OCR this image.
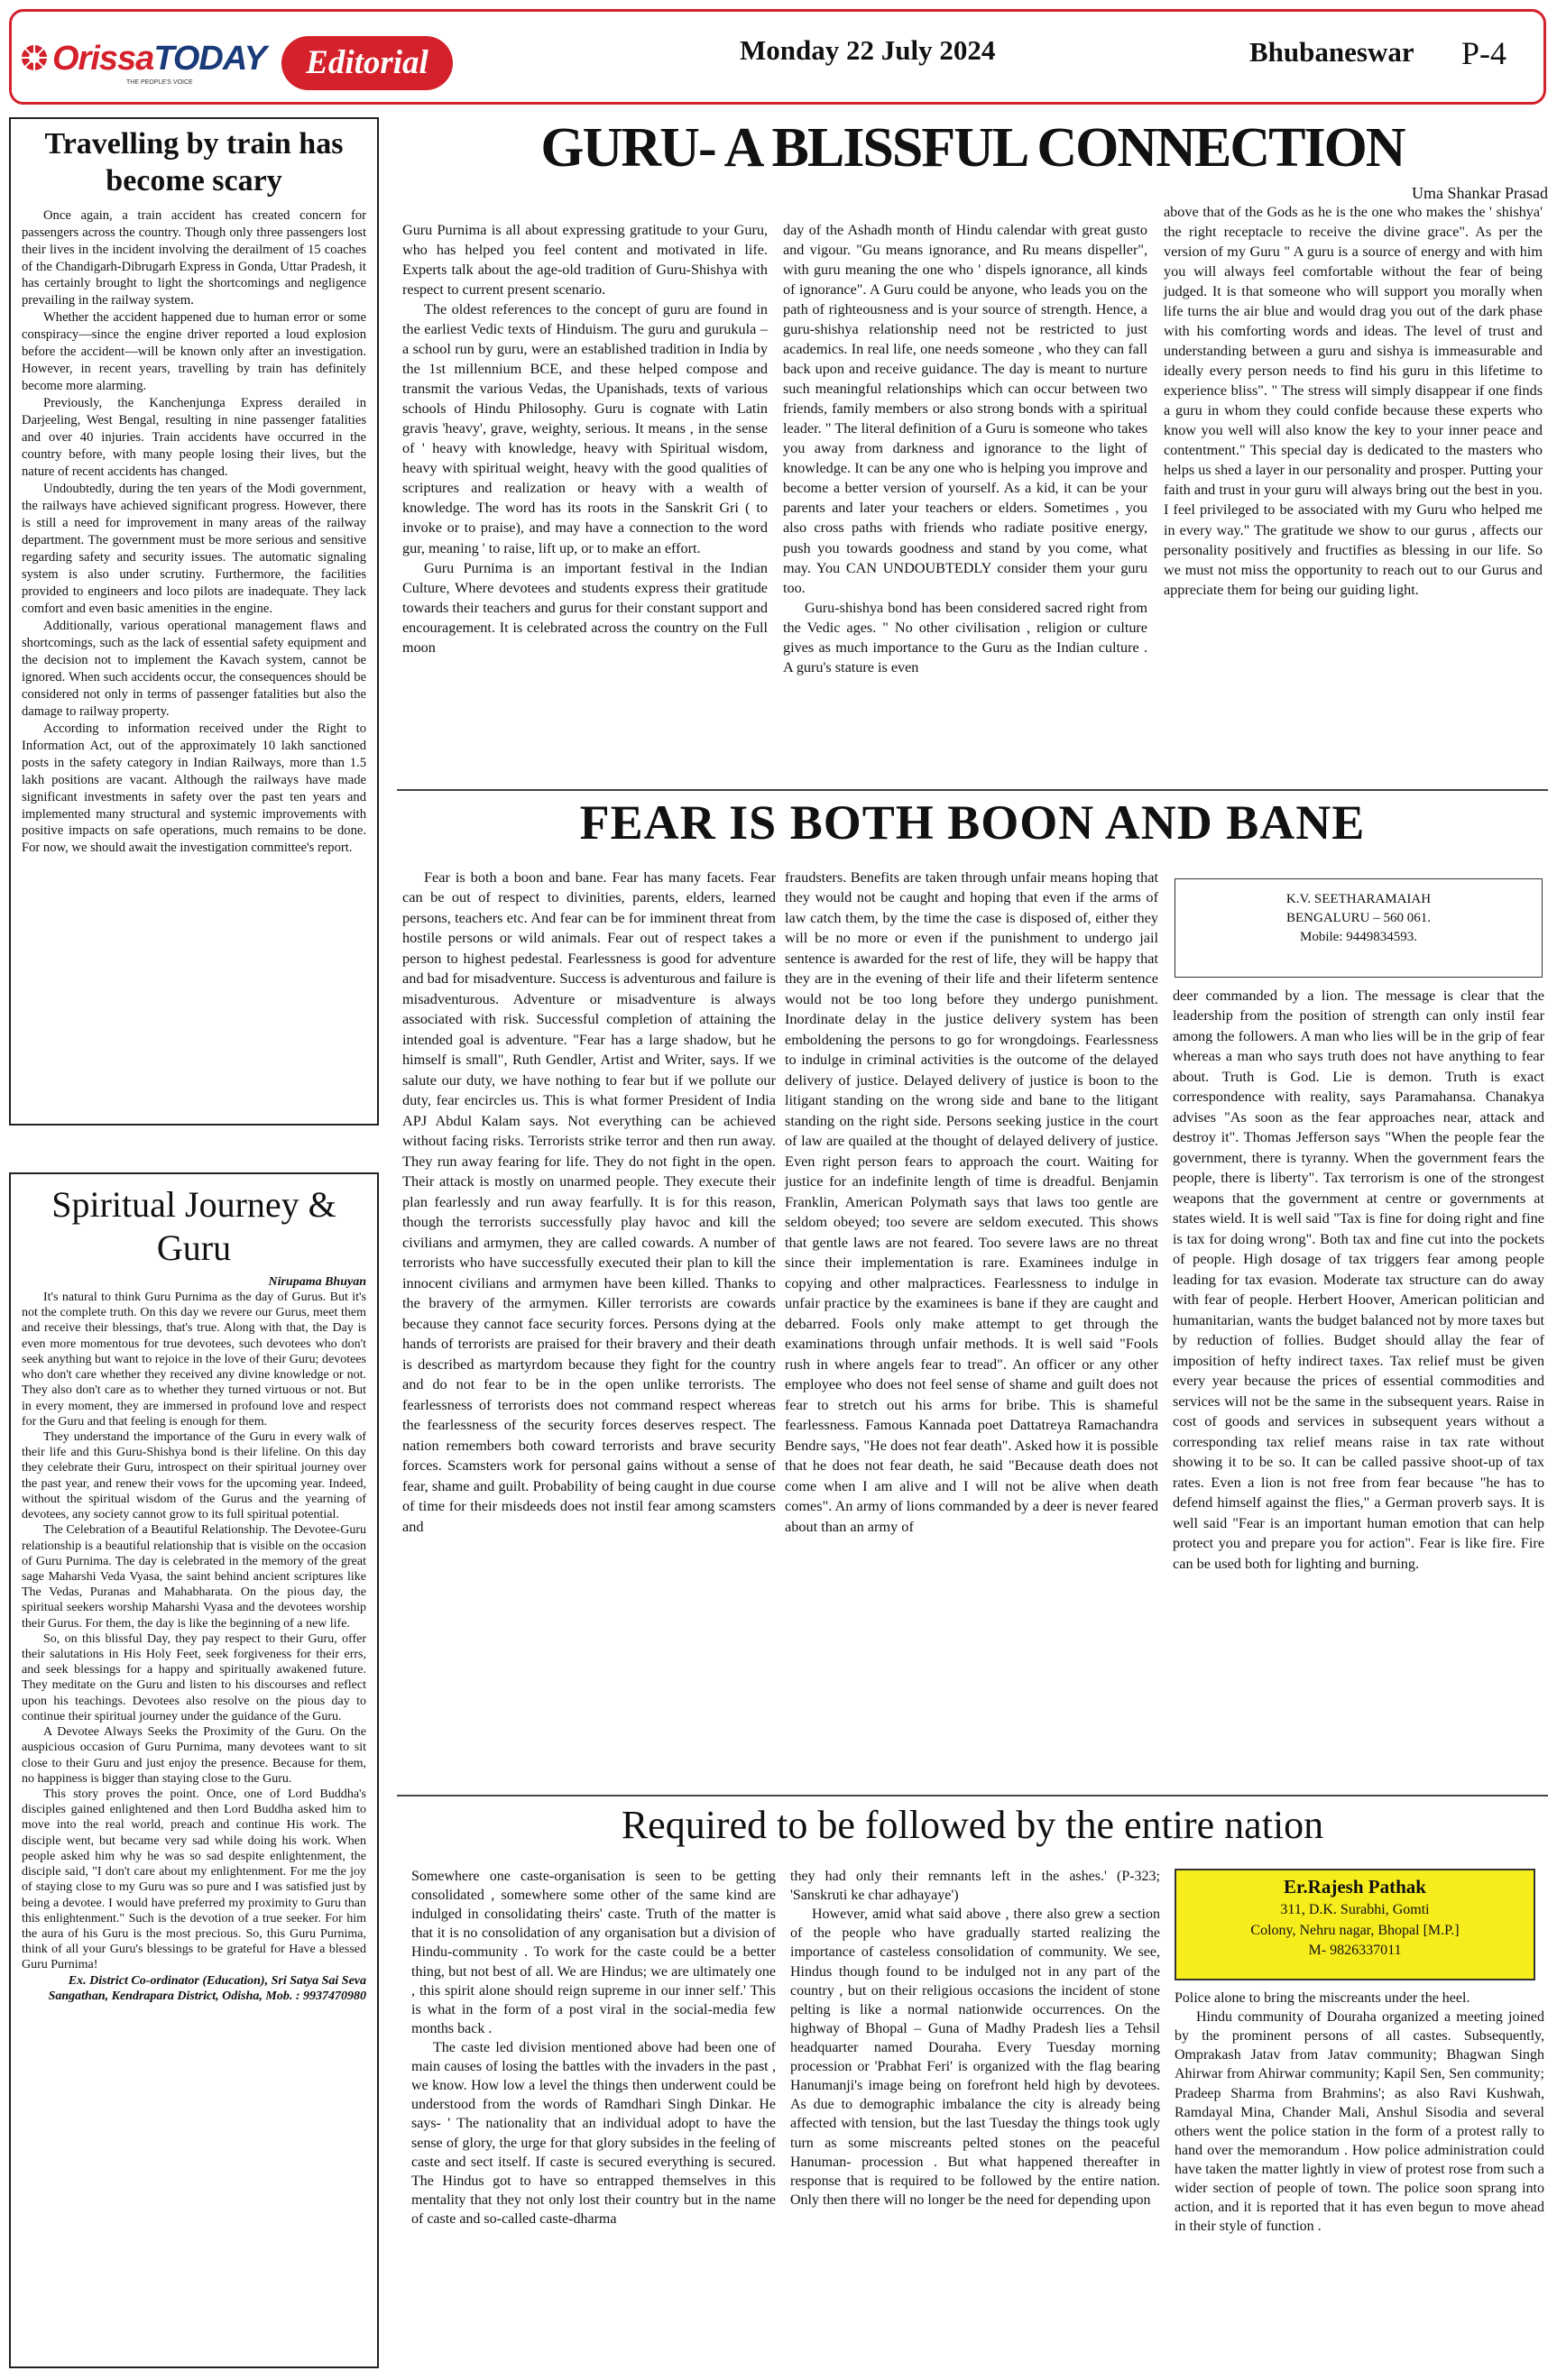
OrissaTODAY
THE PEOPLE'S VOICE
Editorial	Monday 22 July 2024	Bhubaneswar P-4
Travelling by train has become scary

Once again, a train accident has created concern for passengers across the country. Though only three passengers lost their lives in the incident involving the derailment of 15 coaches of the Chandigarh-Dibrugarh Express in Gonda, Uttar Pradesh, it has certainly brought to light the shortcomings and negligence prevailing in the railway system.

Whether the accident happened due to human error or some conspiracy—since the engine driver reported a loud explosion before the accident—will be known only after an investigation. However, in recent years, travelling by train has definitely become more alarming.

Previously, the Kanchenjunga Express derailed in Darjeeling, West Bengal, resulting in nine passenger fatalities and over 40 injuries. Train accidents have occurred in the country before, with many people losing their lives, but the nature of recent accidents has changed.

Undoubtedly, during the ten years of the Modi government, the railways have achieved significant progress. However, there is still a need for improvement in many areas of the railway department. The government must be more serious and sensitive regarding safety and security issues. The automatic signaling system is also under scrutiny. Furthermore, the facilities provided to engineers and loco pilots are inadequate. They lack comfort and even basic amenities in the engine.

Additionally, various operational management flaws and shortcomings, such as the lack of essential safety equipment and the decision not to implement the Kavach system, cannot be ignored. When such accidents occur, the consequences should be considered not only in terms of passenger fatalities but also the damage to railway property.

According to information received under the Right to Information Act, out of the approximately 10 lakh sanctioned posts in the safety category in Indian Railways, more than 1.5 lakh positions are vacant. Although the railways have made significant investments in safety over the past ten years and implemented many structural and systemic improvements with positive impacts on safe operations, much remains to be done. For now, we should await the investigation committee's report.

Spiritual Journey & Guru
Nirupama Bhuyan

It's natural to think Guru Purnima as the day of Gurus. But it's not the complete truth. On this day we revere our Gurus, meet them and receive their blessings, that's true. Along with that, the Day is even more momentous for true devotees, such devotees who don't seek anything but want to rejoice in the love of their Guru; devotees who don't care whether they received any divine knowledge or not. They also don't care as to whether they turned virtuous or not. But in every moment, they are immersed in profound love and respect for the Guru and that feeling is enough for them.

They understand the importance of the Guru in every walk of their life and this Guru-Shishya bond is their lifeline. On this day they celebrate their Guru, introspect on their spiritual journey over the past year, and renew their vows for the upcoming year. Indeed, without the spiritual wisdom of the Gurus and the yearning of devotees, any society cannot grow to its full spiritual potential.

The Celebration of a Beautiful Relationship. The Devotee-Guru relationship is a beautiful relationship that is visible on the occasion of Guru Purnima. The day is celebrated in the memory of the great sage Maharshi Veda Vyasa, the saint behind ancient scriptures like The Vedas, Puranas and Mahabharata. On the pious day, the spiritual seekers worship Maharshi Vyasa and the devotees worship their Gurus. For them, the day is like the beginning of a new life.

So, on this blissful Day, they pay respect to their Guru, offer their salutations in His Holy Feet, seek forgiveness for their errs, and seek blessings for a happy and spiritually awakened future. They meditate on the Guru and listen to his discourses and reflect upon his teachings. Devotees also resolve on the pious day to continue their spiritual journey under the guidance of the Guru.

A Devotee Always Seeks the Proximity of the Guru. On the auspicious occasion of Guru Purnima, many devotees want to sit close to their Guru and just enjoy the presence. Because for them, no happiness is bigger than staying close to the Guru.

This story proves the point. Once, one of Lord Buddha's disciples gained enlightened and then Lord Buddha asked him to move into the real world, preach and continue His work. The disciple went, but became very sad while doing his work. When people asked him why he was so sad despite enlightenment, the disciple said, "I don't care about my enlightenment. For me the joy of staying close to my Guru was so pure and I was satisfied just by being a devotee. I would have preferred my proximity to Guru than this enlightenment." Such is the devotion of a true seeker. For him the aura of his Guru is the most precious. So, this Guru Purnima, think of all your Guru's blessings to be grateful for Have a blessed Guru Purnima!

Ex. District Co-ordinator (Education), Sri Satya Sai Seva Sangathan, Kendrapara District, Odisha, Mob. : 9937470980
GURU- A BLISSFUL CONNECTION
Uma Shankar Prasad

Guru Purnima is all about expressing gratitude to your Guru, who has helped you feel content and motivated in life. Experts talk about the age-old tradition of Guru-Shishya with respect to current present scenario.

The oldest references to the concept of guru are found in the earliest Vedic texts of Hinduism. The guru and gurukula – a school run by guru, were an established tradition in India by the 1st millennium BCE, and these helped compose and transmit the various Vedas, the Upanishads, texts of various schools of Hindu Philosophy. Guru is cognate with Latin gravis 'heavy', grave, weighty, serious. It means , in the sense of ' heavy with knowledge, heavy with Spiritual wisdom, heavy with spiritual weight, heavy with the good qualities of scriptures and realization or heavy with a wealth of knowledge. The word has its roots in the Sanskrit Gri ( to invoke or to praise), and may have a connection to the word gur, meaning ' to raise, lift up, or to make an effort.

Guru Purnima is an important festival in the Indian Culture, Where devotees and students express their gratitude towards their teachers and gurus for their constant support and encouragement. It is celebrated across the country on the Full moon

day of the Ashadh month of Hindu calendar with great gusto and vigour. "Gu means ignorance, and Ru means dispeller", with guru meaning the one who ' dispels ignorance, all kinds of ignorance". A Guru could be anyone, who leads you on the path of righteousness and is your source of strength. Hence, a guru-shishya relationship need not be restricted to just academics. In real life, one needs someone , who they can fall back upon and receive guidance. The day is meant to nurture such meaningful relationships which can occur between two friends, family members or also strong bonds with a spiritual leader. " The literal definition of a Guru is someone who takes you away from darkness and ignorance to the light of knowledge. It can be any one who is helping you improve and become a better version of yourself. As a kid, it can be your parents and later your teachers or elders. Sometimes , you also cross paths with friends who radiate positive energy, push you towards goodness and stand by you come, what may. You CAN UNDOUBTEDLY consider them your guru too.

Guru-shishya bond has been considered sacred right from the Vedic ages. " No other civilisation , religion or culture gives as much importance to the Guru as the Indian culture . A guru's stature is even

above that of the Gods as he is the one who makes the ' shishya' the right receptacle to receive the divine grace". As per the version of my Guru " A guru is a source of energy and with him you will always feel comfortable without the fear of being judged. It is that someone who will support you morally when life turns the air blue and would drag you out of the dark phase with his comforting words and ideas. The level of trust and understanding between a guru and sishya is immeasurable and ideally every person needs to find his guru in this lifetime to experience bliss". " The stress will simply disappear if one finds a guru in whom they could confide because these experts who know you well will also know the key to your inner peace and contentment." This special day is dedicated to the masters who helps us shed a layer in our personality and prosper. Putting your faith and trust in your guru will always bring out the best in you. I feel privileged to be associated with my Guru who helped me in every way." The gratitude we show to our gurus , affects our personality positively and fructifies as blessing in our life. So we must not miss the opportunity to reach out to our Gurus and appreciate them for being our guiding light.

FEAR IS BOTH BOON AND BANE

Fear is both a boon and bane. Fear has many facets. Fear can be out of respect to divinities, parents, elders, learned persons, teachers etc. And fear can be for imminent threat from hostile persons or wild animals. Fear out of respect takes a person to highest pedestal. Fearlessness is good for adventure and bad for misadventure. Success is adventurous and failure is misadventurous. Adventure or misadventure is always associated with risk. Successful completion of attaining the intended goal is adventure. "Fear has a large shadow, but he himself is small", Ruth Gendler, Artist and Writer, says. If we salute our duty, we have nothing to fear but if we pollute our duty, fear encircles us. This is what former President of India APJ Abdul Kalam says. Not everything can be achieved without facing risks. Terrorists strike terror and then run away. They run away fearing for life. They do not fight in the open. Their attack is mostly on unarmed people. They execute their plan fearlessly and run away fearfully. It is for this reason, though the terrorists successfully play havoc and kill the civilians and armymen, they are called cowards. A number of terrorists who have successfully executed their plan to kill the innocent civilians and armymen have been killed. Thanks to the bravery of the armymen. Killer terrorists are cowards because they cannot face security forces. Persons dying at the hands of terrorists are praised for their bravery and their death is described as martyrdom because they fight for the country and do not fear to be in the open unlike terrorists. The fearlessness of terrorists does not command respect whereas the fearlessness of the security forces deserves respect. The nation remembers both coward terrorists and brave security forces. Scamsters work for personal gains without a sense of fear, shame and guilt. Probability of being caught in due course of time for their misdeeds does not instil fear among scamsters and

fraudsters. Benefits are taken through unfair means hoping that they would not be caught and hoping that even if the arms of law catch them, by the time the case is disposed of, either they will be no more or even if the punishment to undergo jail sentence is awarded for the rest of life, they will be happy that they are in the evening of their life and their lifeterm sentence would not be too long before they undergo punishment. Inordinate delay in the justice delivery system has been emboldening the persons to go for wrongdoings. Fearlessness to indulge in criminal activities is the outcome of the delayed delivery of justice. Delayed delivery of justice is boon to the litigant standing on the wrong side and bane to the litigant standing on the right side. Persons seeking justice in the court of law are quailed at the thought of delayed delivery of justice. Even right person fears to approach the court. Waiting for justice for an indefinite length of time is dreadful. Benjamin Franklin, American Polymath says that laws too gentle are seldom obeyed; too severe are seldom executed. This shows that gentle laws are not feared. Too severe laws are no threat since their implementation is rare. Examinees indulge in copying and other malpractices. Fearlessness to indulge in unfair practice by the examinees is bane if they are caught and debarred. Fools only make attempt to get through the examinations through unfair methods. It is well said "Fools rush in where angels fear to tread". An officer or any other employee who does not feel sense of shame and guilt does not fear to stretch out his arms for bribe. This is shameful fearlessness. Famous Kannada poet Dattatreya Ramachandra Bendre says, "He does not fear death". Asked how it is possible that he does not fear death, he said "Because death does not come when I am alive and I will not be alive when death comes". An army of lions commanded by a deer is never feared about than an army of

K.V. SEETHARAMAIAH
BENGALURU – 560 061.
Mobile: 9449834593.

deer commanded by a lion. The message is clear that the leadership from the position of strength can only instil fear among the followers. A man who lies will be in the grip of fear whereas a man who says truth does not have anything to fear about. Truth is God. Lie is demon. Truth is exact correspondence with reality, says Paramahansa. Chanakya advises "As soon as the fear approaches near, attack and destroy it". Thomas Jefferson says "When the people fear the government, there is tyranny. When the government fears the people, there is liberty". Tax terrorism is one of the strongest weapons that the government at centre or governments at states wield. It is well said "Tax is fine for doing right and fine is tax for doing wrong". Both tax and fine cut into the pockets of people. High dosage of tax triggers fear among people leading for tax evasion. Moderate tax structure can do away with fear of people. Herbert Hoover, American politician and humanitarian, wants the budget balanced not by more taxes but by reduction of follies. Budget should allay the fear of imposition of hefty indirect taxes. Tax relief must be given every year because the prices of essential commodities and services will not be the same in the subsequent years. Raise in cost of goods and services in subsequent years without a corresponding tax relief means raise in tax rate without showing it to be so. It can be called passive shoot-up of tax rates. Even a lion is not free from fear because "he has to defend himself against the flies," a German proverb says. It is well said "Fear is an important human emotion that can help protect you and prepare you for action". Fear is like fire. Fire can be used both for lighting and burning.

Required to be followed by the entire nation

Somewhere one caste-organisation is seen to be getting consolidated , somewhere some other of the same kind are indulged in consolidating theirs' caste. Truth of the matter is that it is no consolidation of any organisation but a division of Hindu-community . To work for the caste could be a better thing, but not best of all. We are Hindus; we are ultimately one , this spirit alone should reign supreme in our inner self.' This is what in the form of a post viral in the social-media few months back .

The caste led division mentioned above had been one of main causes of losing the battles with the invaders in the past , we know. How low a level the things then underwent could be understood from the words of Ramdhari Singh Dinkar. He says- ' The nationality that an individual adopt to have the sense of glory, the urge for that glory subsides in the feeling of caste and sect itself. If caste is secured everything is secured. The Hindus got to have so entrapped themselves in this mentality that they not only lost their country but in the name of caste and so-called caste-dharma

they had only their remnants left in the ashes.' (P-323; 'Sanskruti ke char adhayaye')

However, amid what said above , there also grew a section of the people who have gradually started realizing the importance of casteless consolidation of community. We see, Hindus though found to be indulged not in any part of the country , but on their religious occasions the incident of stone pelting is like a normal nationwide occurrences. On the highway of Bhopal – Guna of Madhy Pradesh lies a Tehsil headquarter named Douraha. Every Tuesday morning procession or 'Prabhat Feri' is organized with the flag bearing Hanumanji's image being on forefront held high by devotees. As due to demographic imbalance the city is already being affected with tension, but the last Tuesday the things took ugly turn as some miscreants pelted stones on the peaceful Hanuman- procession . But what happened thereafter in response that is required to be followed by the entire nation. Only then there will no longer be the need for depending upon

Er.Rajesh Pathak
311, D.K. Surabhi, Gomti
Colony, Nehru nagar, Bhopal [M.P.]
M- 9826337011

Police alone to bring the miscreants under the heel.

Hindu community of Douraha organized a meeting joined by the prominent persons of all castes. Subsequently, Omprakash Jatav from Jatav community; Bhagwan Singh Ahirwar from Ahirwar community; Kapil Sen, Sen community; Pradeep Sharma from Brahmins'; as also Ravi Kushwah, Ramdayal Mina, Chander Mali, Anshul Sisodia and several others went the police station in the form of a protest rally to hand over the memorandum . How police administration could have taken the matter lightly in view of protest rose from such a wider section of people of town. The police soon sprang into action, and it is reported that it has even begun to move ahead in their style of function .
